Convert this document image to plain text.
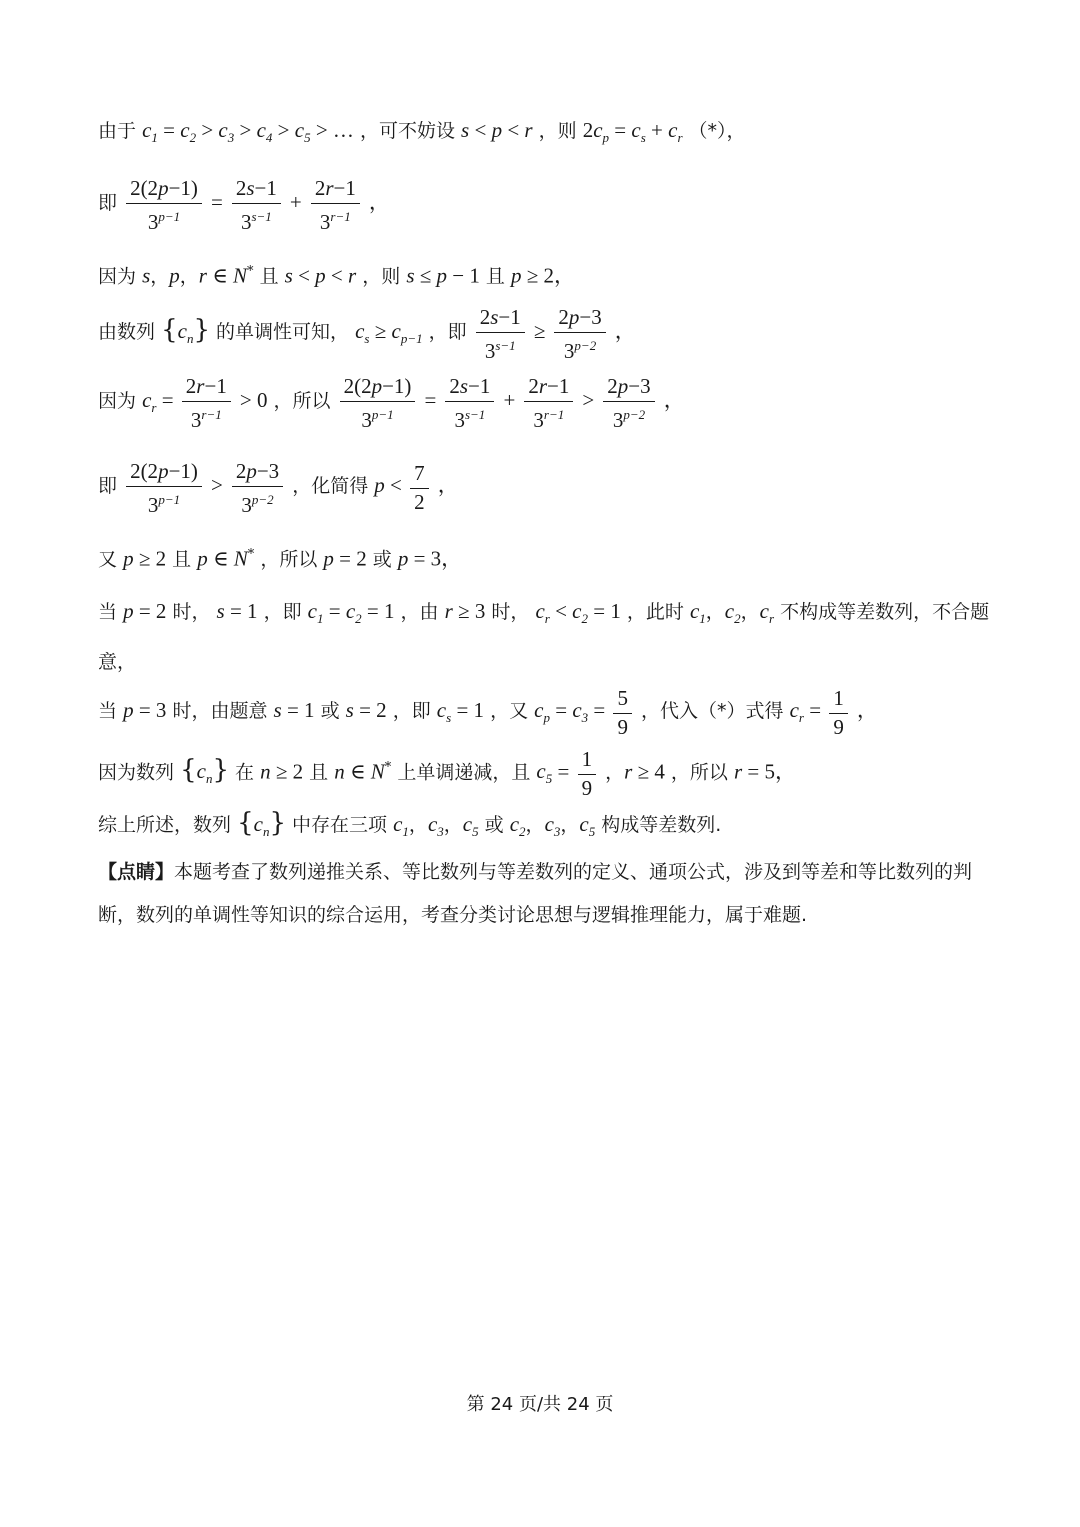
由于 $c_1 = c_2 > c_3 > c_4 > c_5$ > … ，可不妨设 s < p < r ，则 $2c_p = c_s + c_r$ （*），
即 $\frac{2(2p-1)}{3^{p-1}} = \frac{2s-1}{3^{s-1}} + \frac{2r-1}{3^{r-1}}$ ，
因为 s，p，r ∈ N* 且 s < p < r ，则 s ≤ p − 1 且 p ≥ 2，
由数列 $\{c_n\}$ 的单调性可知， $c_s \ge c_{p-1}$ ，即 $\frac{2s-1}{3^{s-1}} \ge \frac{2p-3}{3^{p-2}}$ ，
因为 $c_r = \frac{2r-1}{3^{r-1}} > 0$ ，所以 $\frac{2(2p-1)}{3^{p-1}} = \frac{2s-1}{3^{s-1}} + \frac{2r-1}{3^{r-1}} > \frac{2p-3}{3^{p-2}}$ ，
即 $\frac{2(2p-1)}{3^{p-1}} > \frac{2p-3}{3^{p-2}}$ ，化简得 $p < \frac{7}{2}$ ，
又 p ≥ 2 且 p ∈ N* ，所以 p = 2 或 p = 3，
当 p = 2 时， s = 1 ，即 $c_1 = c_2 = 1$ ，由 r ≥ 3 时， $c_r < c_2 = 1$ ，此时 $c_1$，$c_2$，$c_r$ 不构成等差数列，不合题
意，
当 p = 3 时，由题意 s = 1 或 s = 2 ，即 $c_s = 1$ ，又 $c_p = c_3 = \frac{5}{9}$ ，代入（*）式得 $c_r = \frac{1}{9}$ ，
因为数列 $\{c_n\}$ 在 n ≥ 2 且 n ∈ N* 上单调递减，且 $c_5 = \frac{1}{9}$ ，r ≥ 4 ，所以 r = 5，
综上所述，数列 $\{c_n\}$ 中存在三项 $c_1$，$c_3$，$c_5$ 或 $c_2$，$c_3$，$c_5$ 构成等差数列.
【点睛】本题考查了数列递推关系、等比数列与等差数列的定义、通项公式，涉及到等差和等比数列的判
断，数列的单调性等知识的综合运用，考查分类讨论思想与逻辑推理能力，属于难题.
第 24 页/共 24 页
